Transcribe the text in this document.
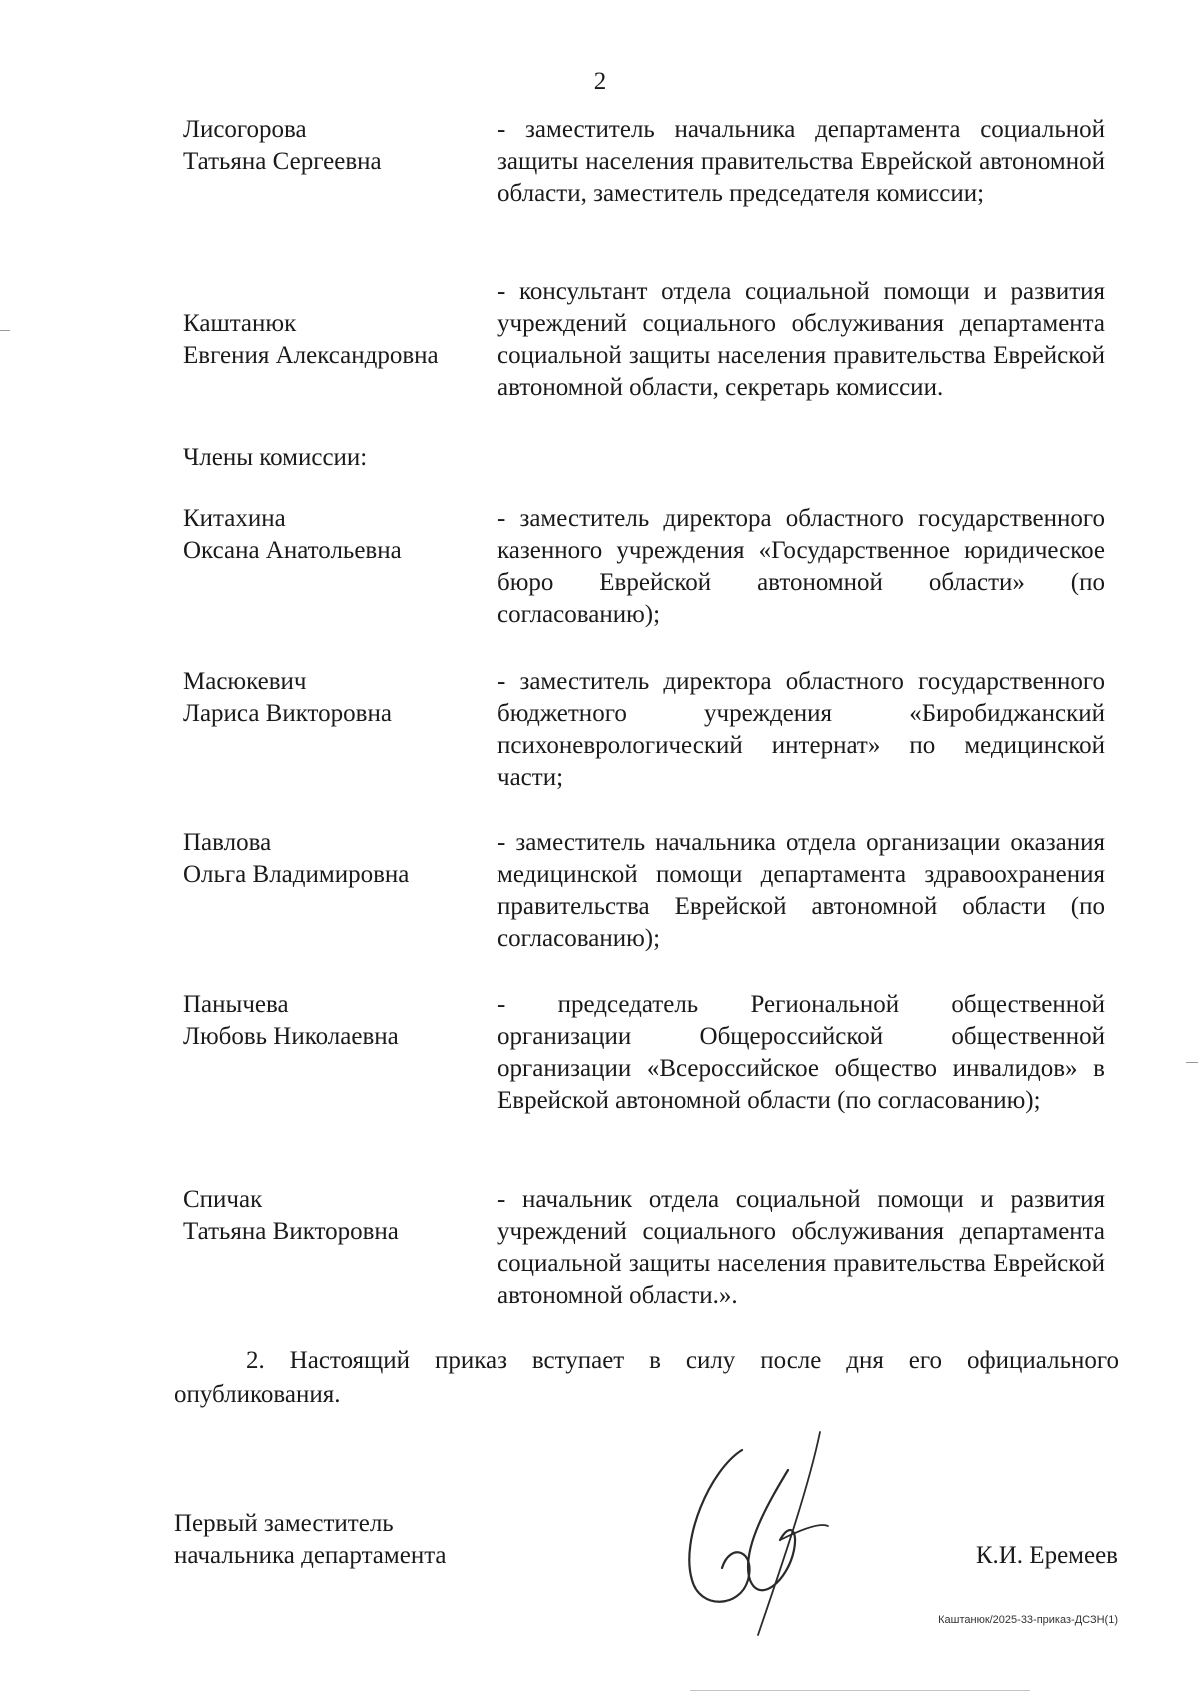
2
Лисогорова
Татьяна Сергеевна
- заместитель начальника департамента социальной защиты населения правительства Еврейской автономной области, заместитель председателя комиссии;
Каштанюк
Евгения Александровна
- консультант отдела социальной помощи и развития учреждений социального обслуживания департамента социальной защиты населения правительства Еврейской автономной области, секретарь комиссии.
Члены комиссии:
Китахина
Оксана Анатольевна
- заместитель директора областного государственного казенного учреждения «Государственное юридическое бюро Еврейской автономной области» (по согласованию);
Масюкевич
Лариса Викторовна
- заместитель директора областного государственного бюджетного учреждения «Биробиджанский психоневрологический интернат» по медицинской части;
Павлова
Ольга Владимировна
- заместитель начальника отдела организации оказания медицинской помощи департамента здравоохранения правительства Еврейской автономной области (по согласованию);
Панычева
Любовь Николаевна
- председатель Региональной общественной организации Общероссийской общественной организации «Всероссийское общество инвалидов» в Еврейской автономной области (по согласованию);
Спичак
Татьяна Викторовна
- начальник отдела социальной помощи и развития учреждений социального обслуживания департамента социальной защиты населения правительства Еврейской автономной области.».
2. Настоящий приказ вступает в силу после дня его официального опубликования.
Первый заместитель
начальника департамента	К.И. Еремеев
Каштанюк/2025-33-приказ-ДСЗН(1)
